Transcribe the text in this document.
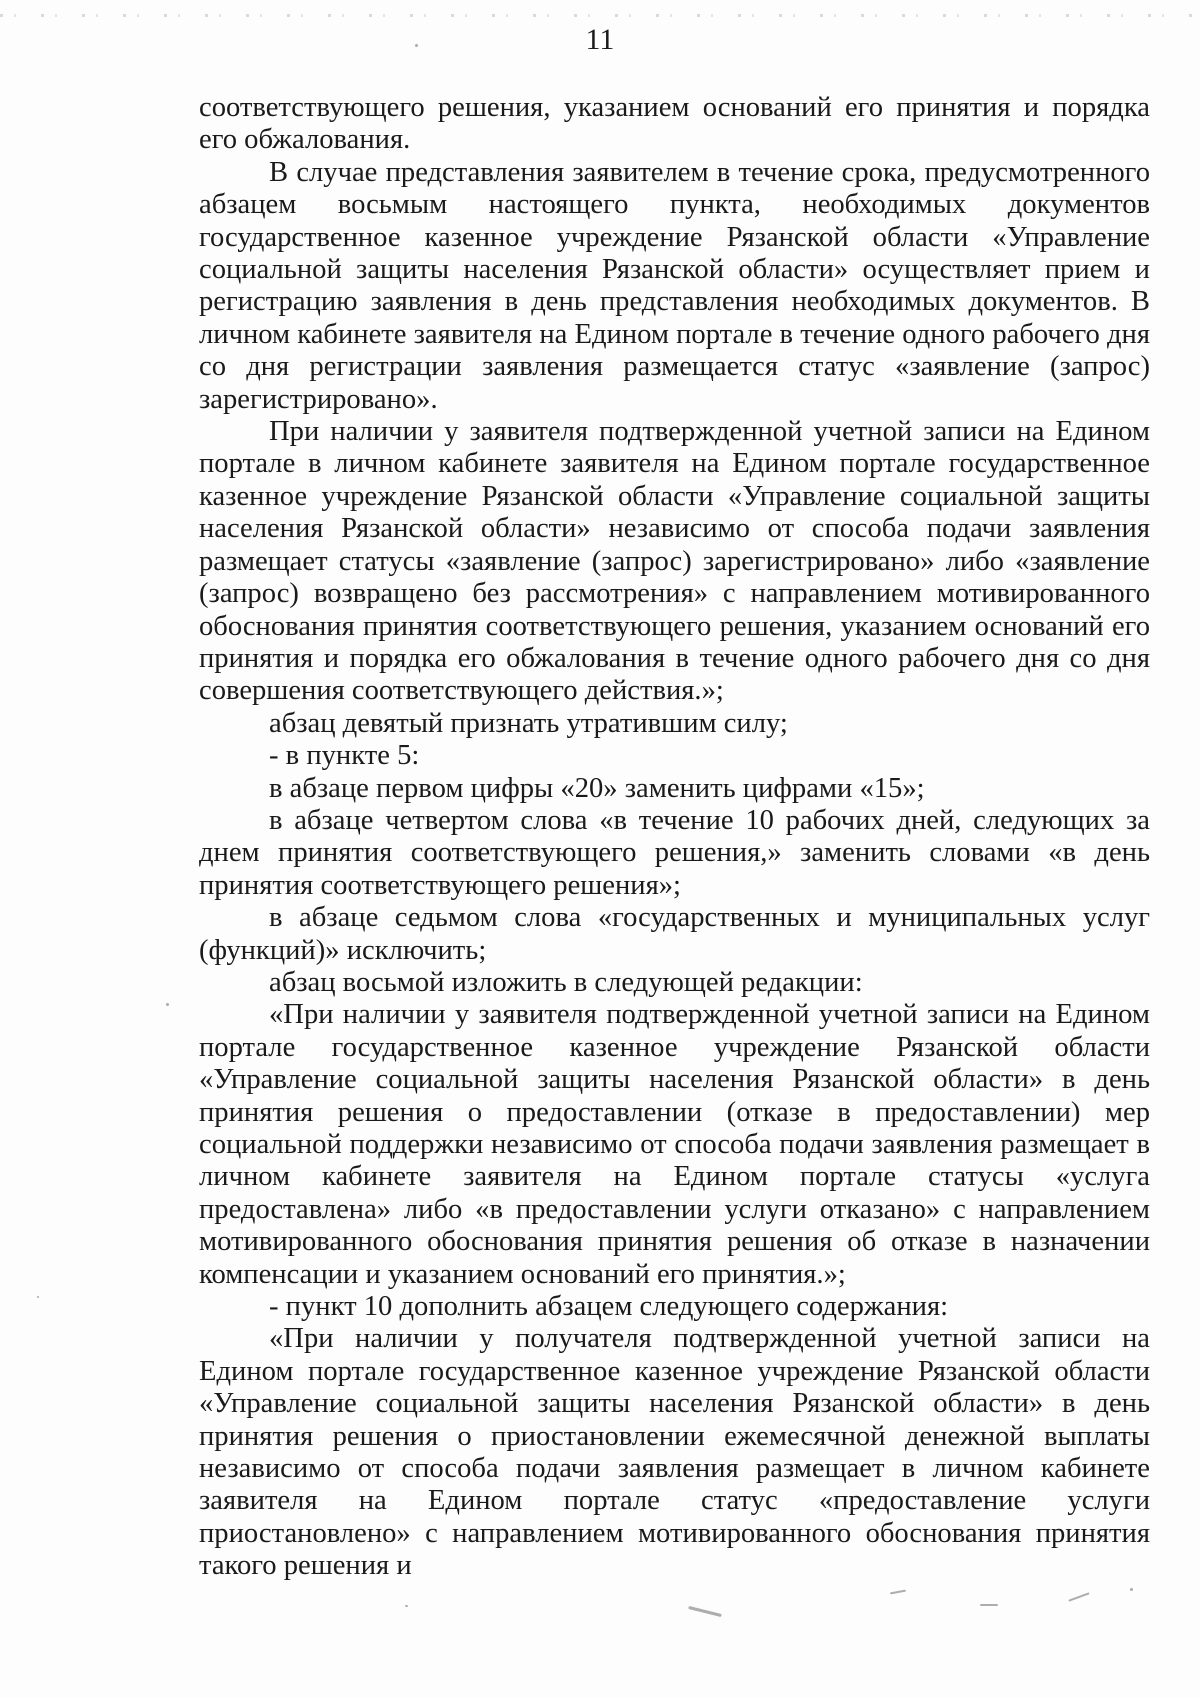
11

соответствующего решения, указанием оснований его принятия и порядка его обжалования.

В случае представления заявителем в течение срока, предусмотренного абзацем восьмым настоящего пункта, необходимых документов государственное казенное учреждение Рязанской области «Управление социальной защиты населения Рязанской области» осуществляет прием и регистрацию заявления в день представления необходимых документов. В личном кабинете заявителя на Едином портале в течение одного рабочего дня со дня регистрации заявления размещается статус «заявление (запрос) зарегистрировано».

При наличии у заявителя подтвержденной учетной записи на Едином портале в личном кабинете заявителя на Едином портале государственное казенное учреждение Рязанской области «Управление социальной защиты населения Рязанской области» независимо от способа подачи заявления размещает статусы «заявление (запрос) зарегистрировано» либо «заявление (запрос) возвращено без рассмотрения» с направлением мотивированного обоснования принятия соответствующего решения, указанием оснований его принятия и порядка его обжалования в течение одного рабочего дня со дня совершения соответствующего действия.»;

абзац девятый признать утратившим силу;

- в пункте 5:

в абзаце первом цифры «20» заменить цифрами «15»;

в абзаце четвертом слова «в течение 10 рабочих дней, следующих за днем принятия соответствующего решения,» заменить словами «в день принятия соответствующего решения»;

в абзаце седьмом слова «государственных и муниципальных услуг (функций)» исключить;

абзац восьмой изложить в следующей редакции:

«При наличии у заявителя подтвержденной учетной записи на Едином портале государственное казенное учреждение Рязанской области «Управление социальной защиты населения Рязанской области» в день принятия решения о предоставлении (отказе в предоставлении) мер социальной поддержки независимо от способа подачи заявления размещает в личном кабинете заявителя на Едином портале статусы «услуга предоставлена» либо «в предоставлении услуги отказано» с направлением мотивированного обоснования принятия решения об отказе в назначении компенсации и указанием оснований его принятия.»;

- пункт 10 дополнить абзацем следующего содержания:

«При наличии у получателя подтвержденной учетной записи на Едином портале государственное казенное учреждение Рязанской области «Управление социальной защиты населения Рязанской области» в день принятия решения о приостановлении ежемесячной денежной выплаты независимо от способа подачи заявления размещает в личном кабинете заявителя на Едином портале статус «предоставление услуги приостановлено» с направлением мотивированного обоснования принятия такого решения и
